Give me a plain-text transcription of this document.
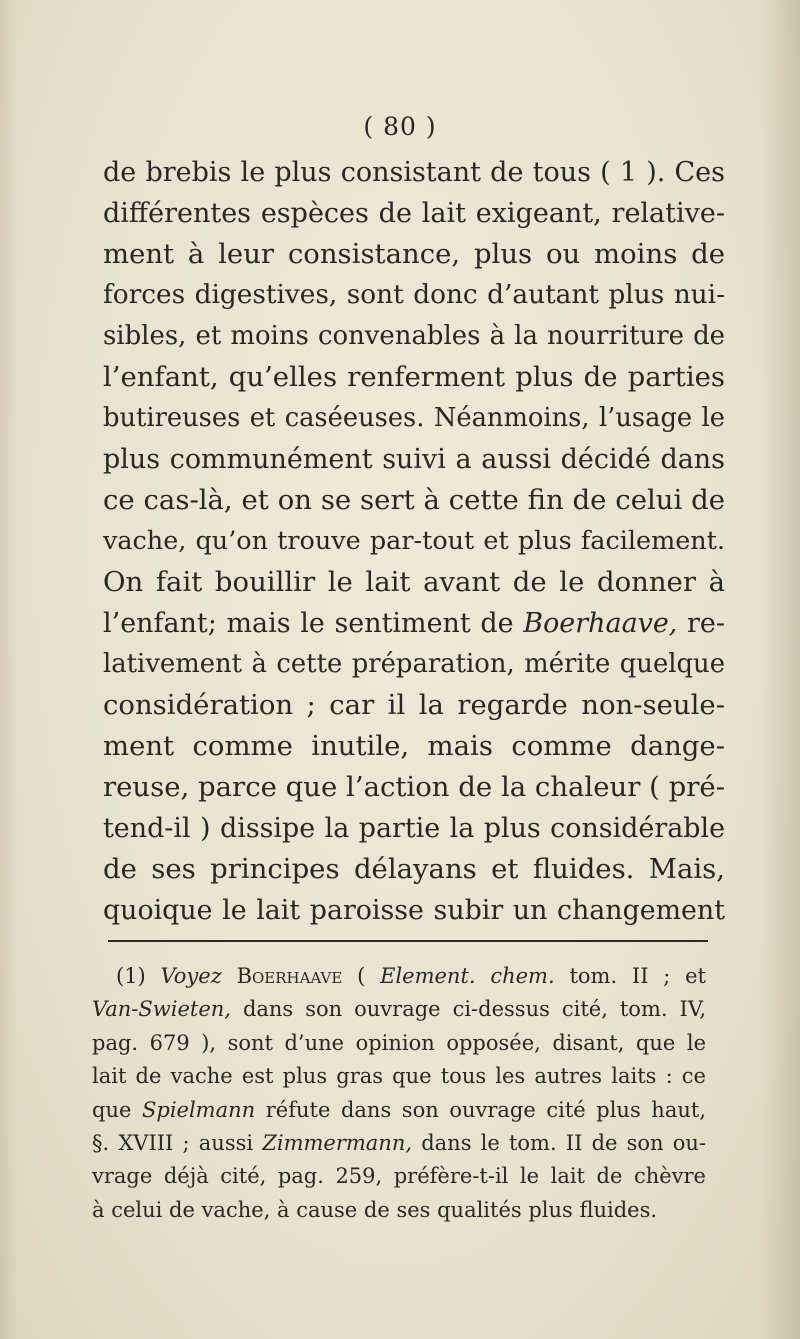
( 80 )
de brebis le plus consistant de tous ( 1 ). Ces
différentes espèces de lait exigeant, relative-
ment à leur consistance, plus ou moins de
forces digestives, sont donc d’autant plus nui-
sibles, et moins convenables à la nourriture de
l’enfant, qu’elles renferment plus de parties
butireuses et caséeuses. Néanmoins, l’usage le
plus communément suivi a aussi décidé dans
ce cas-là, et on se sert à cette fin de celui de
vache, qu’on trouve par-tout et plus facilement.
On fait bouillir le lait avant de le donner à
l’enfant; mais le sentiment de Boerhaave, re-
lativement à cette préparation, mérite quelque
considération ; car il la regarde non-seule-
ment comme inutile, mais comme dange-
reuse, parce que l’action de la chaleur ( pré-
tend-il ) dissipe la partie la plus considérable
de ses principes délayans et fluides. Mais,
quoique le lait paroisse subir un changement
(1) Voyez Boerhaave ( Element. chem. tom. II ; et
Van-Swieten, dans son ouvrage ci-dessus cité, tom. IV,
pag. 679 ), sont d’une opinion opposée, disant, que le
lait de vache est plus gras que tous les autres laits : ce
que Spielmann réfute dans son ouvrage cité plus haut,
§. XVIII ; aussi Zimmermann, dans le tom. II de son ou-
vrage déjà cité, pag. 259, préfère-t-il le lait de chèvre
à celui de vache, à cause de ses qualités plus fluides.
